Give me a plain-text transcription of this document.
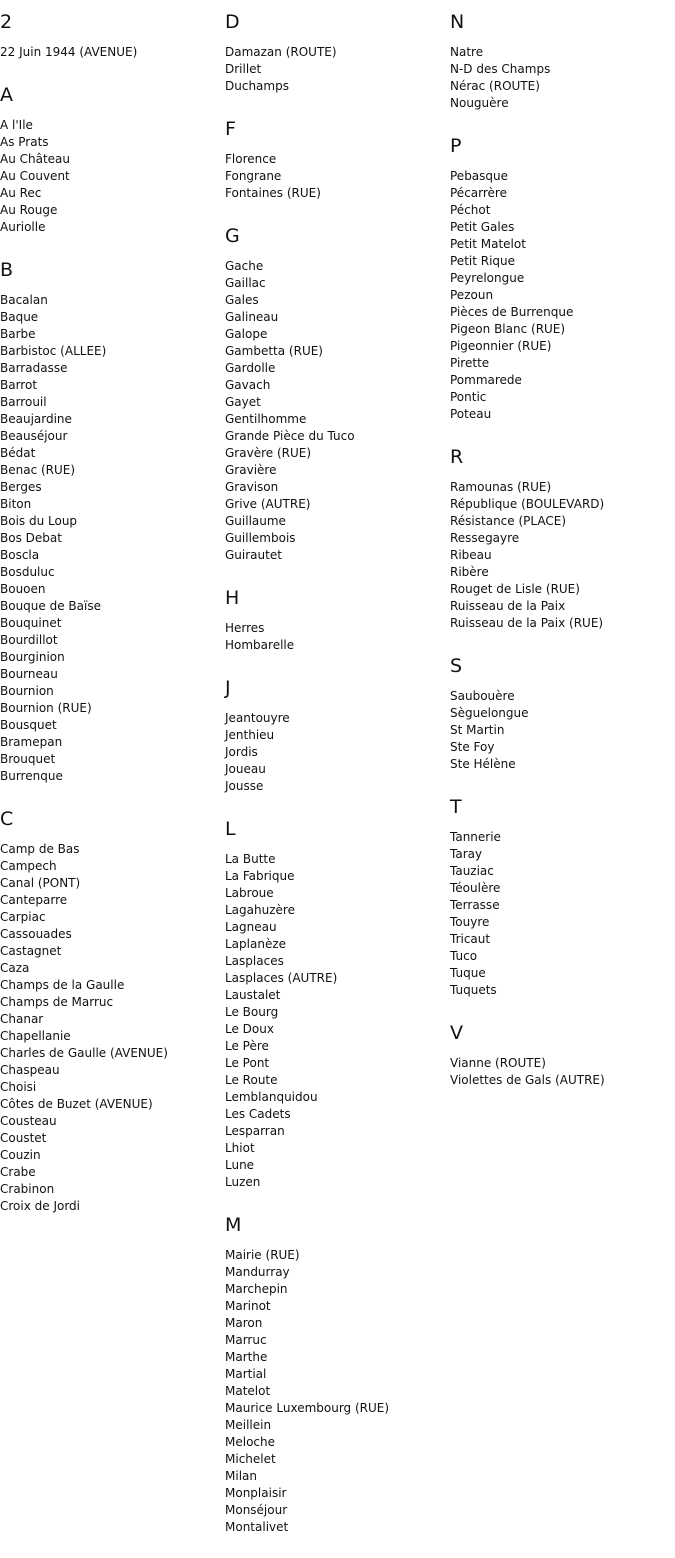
2
22 Juin 1944 (AVENUE)
A
A l'Ile
As Prats
Au Château
Au Couvent
Au Rec
Au Rouge
Auriolle
B
Bacalan
Baque
Barbe
Barbistoc (ALLEE)
Barradasse
Barrot
Barrouil
Beaujardine
Beauséjour
Bédat
Benac (RUE)
Berges
Biton
Bois du Loup
Bos Debat
Boscla
Bosduluc
Bouoen
Bouque de Baïse
Bouquinet
Bourdillot
Bourginion
Bourneau
Bournion
Bournion (RUE)
Bousquet
Bramepan
Brouquet
Burrenque
C
Camp de Bas
Campech
Canal (PONT)
Canteparre
Carpiac
Cassouades
Castagnet
Caza
Champs de la Gaulle
Champs de Marruc
Chanar
Chapellanie
Charles de Gaulle (AVENUE)
Chaspeau
Choisi
Côtes de Buzet (AVENUE)
Cousteau
Coustet
Couzin
Crabe
Crabinon
Croix de Jordi
D
Damazan (ROUTE)
Drillet
Duchamps
F
Florence
Fongrane
Fontaines (RUE)
G
Gache
Gaillac
Gales
Galineau
Galope
Gambetta (RUE)
Gardolle
Gavach
Gayet
Gentilhomme
Grande Pièce du Tuco
Gravère (RUE)
Gravière
Gravison
Grive (AUTRE)
Guillaume
Guillembois
Guirautet
H
Herres
Hombarelle
J
Jeantouyre
Jenthieu
Jordis
Joueau
Jousse
L
La Butte
La Fabrique
Labroue
Lagahuzère
Lagneau
Laplanèze
Lasplaces
Lasplaces (AUTRE)
Laustalet
Le Bourg
Le Doux
Le Père
Le Pont
Le Route
Lemblanquidou
Les Cadets
Lesparran
Lhiot
Lune
Luzen
M
Mairie (RUE)
Mandurray
Marchepin
Marinot
Maron
Marruc
Marthe
Martial
Matelot
Maurice Luxembourg (RUE)
Meillein
Meloche
Michelet
Milan
Monplaisir
Monséjour
Montalivet
N
Natre
N-D des Champs
Nérac (ROUTE)
Nouguère
P
Pebasque
Pécarrère
Péchot
Petit Gales
Petit Matelot
Petit Rique
Peyrelongue
Pezoun
Pièces de Burrenque
Pigeon Blanc (RUE)
Pigeonnier (RUE)
Pirette
Pommarede
Pontic
Poteau
R
Ramounas (RUE)
République (BOULEVARD)
Résistance (PLACE)
Ressegayre
Ribeau
Ribère
Rouget de Lisle (RUE)
Ruisseau de la Paix
Ruisseau de la Paix (RUE)
S
Saubouère
Sèguelongue
St Martin
Ste Foy
Ste Hélène
T
Tannerie
Taray
Tauziac
Téoulère
Terrasse
Touyre
Tricaut
Tuco
Tuque
Tuquets
V
Vianne (ROUTE)
Violettes de Gals (AUTRE)
